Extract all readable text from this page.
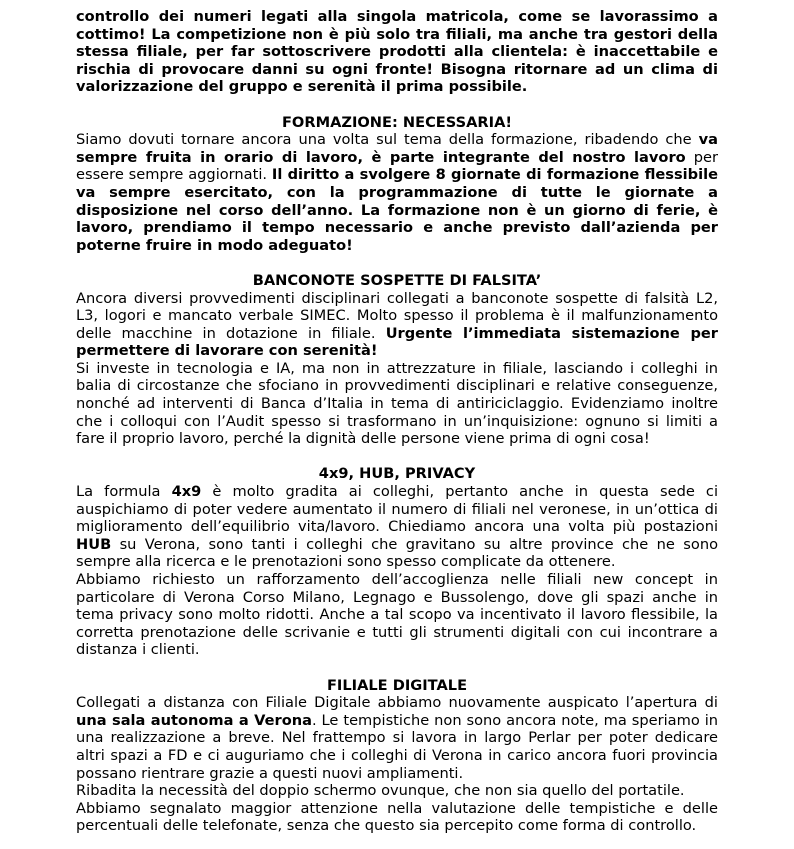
controllo dei numeri legati alla singola matricola, come se lavorassimo a cottimo! La competizione non è più solo tra filiali, ma anche tra gestori della stessa filiale, per far sottoscrivere prodotti alla clientela: è inaccettabile e rischia di provocare danni su ogni fronte! Bisogna ritornare ad un clima di valorizzazione del gruppo e serenità il prima possibile.

FORMAZIONE: NECESSARIA!

Siamo dovuti tornare ancora una volta sul tema della formazione, ribadendo che va sempre fruita in orario di lavoro, è parte integrante del nostro lavoro per essere sempre aggiornati. Il diritto a svolgere 8 giornate di formazione flessibile va sempre esercitato, con la programmazione di tutte le giornate a disposizione nel corso dell’anno. La formazione non è un giorno di ferie, è lavoro, prendiamo il tempo necessario e anche previsto dall’azienda per poterne fruire in modo adeguato!

BANCONOTE SOSPETTE DI FALSITA’

Ancora diversi provvedimenti disciplinari collegati a banconote sospette di falsità L2, L3, logori e mancato verbale SIMEC. Molto spesso il problema è il malfunzionamento delle macchine in dotazione in filiale. Urgente l’immediata sistemazione per permettere di lavorare con serenità!

Si investe in tecnologia e IA, ma non in attrezzature in filiale, lasciando i colleghi in balia di circostanze che sfociano in provvedimenti disciplinari e relative conseguenze, nonché ad interventi di Banca d’Italia in tema di antiriciclaggio. Evidenziamo inoltre che i colloqui con l’Audit spesso si trasformano in un’inquisizione: ognuno si limiti a fare il proprio lavoro, perché la dignità delle persone viene prima di ogni cosa!

4x9, HUB, PRIVACY

La formula 4x9 è molto gradita ai colleghi, pertanto anche in questa sede ci auspichiamo di poter vedere aumentato il numero di filiali nel veronese, in un’ottica di miglioramento dell’equilibrio vita/lavoro. Chiediamo ancora una volta più postazioni HUB su Verona, sono tanti i colleghi che gravitano su altre province che ne sono sempre alla ricerca e le prenotazioni sono spesso complicate da ottenere.

Abbiamo richiesto un rafforzamento dell’accoglienza nelle filiali new concept in particolare di Verona Corso Milano, Legnago e Bussolengo, dove gli spazi anche in tema privacy sono molto ridotti. Anche a tal scopo va incentivato il lavoro flessibile, la corretta prenotazione delle scrivanie e tutti gli strumenti digitali con cui incontrare a distanza i clienti.

FILIALE DIGITALE

Collegati a distanza con Filiale Digitale abbiamo nuovamente auspicato l’apertura di una sala autonoma a Verona. Le tempistiche non sono ancora note, ma speriamo in una realizzazione a breve. Nel frattempo si lavora in largo Perlar per poter dedicare altri spazi a FD e ci auguriamo che i colleghi di Verona in carico ancora fuori provincia possano rientrare grazie a questi nuovi ampliamenti.

Ribadita la necessità del doppio schermo ovunque, che non sia quello del portatile.

Abbiamo segnalato maggior attenzione nella valutazione delle tempistiche e delle percentuali delle telefonate, senza che questo sia percepito come forma di controllo.
